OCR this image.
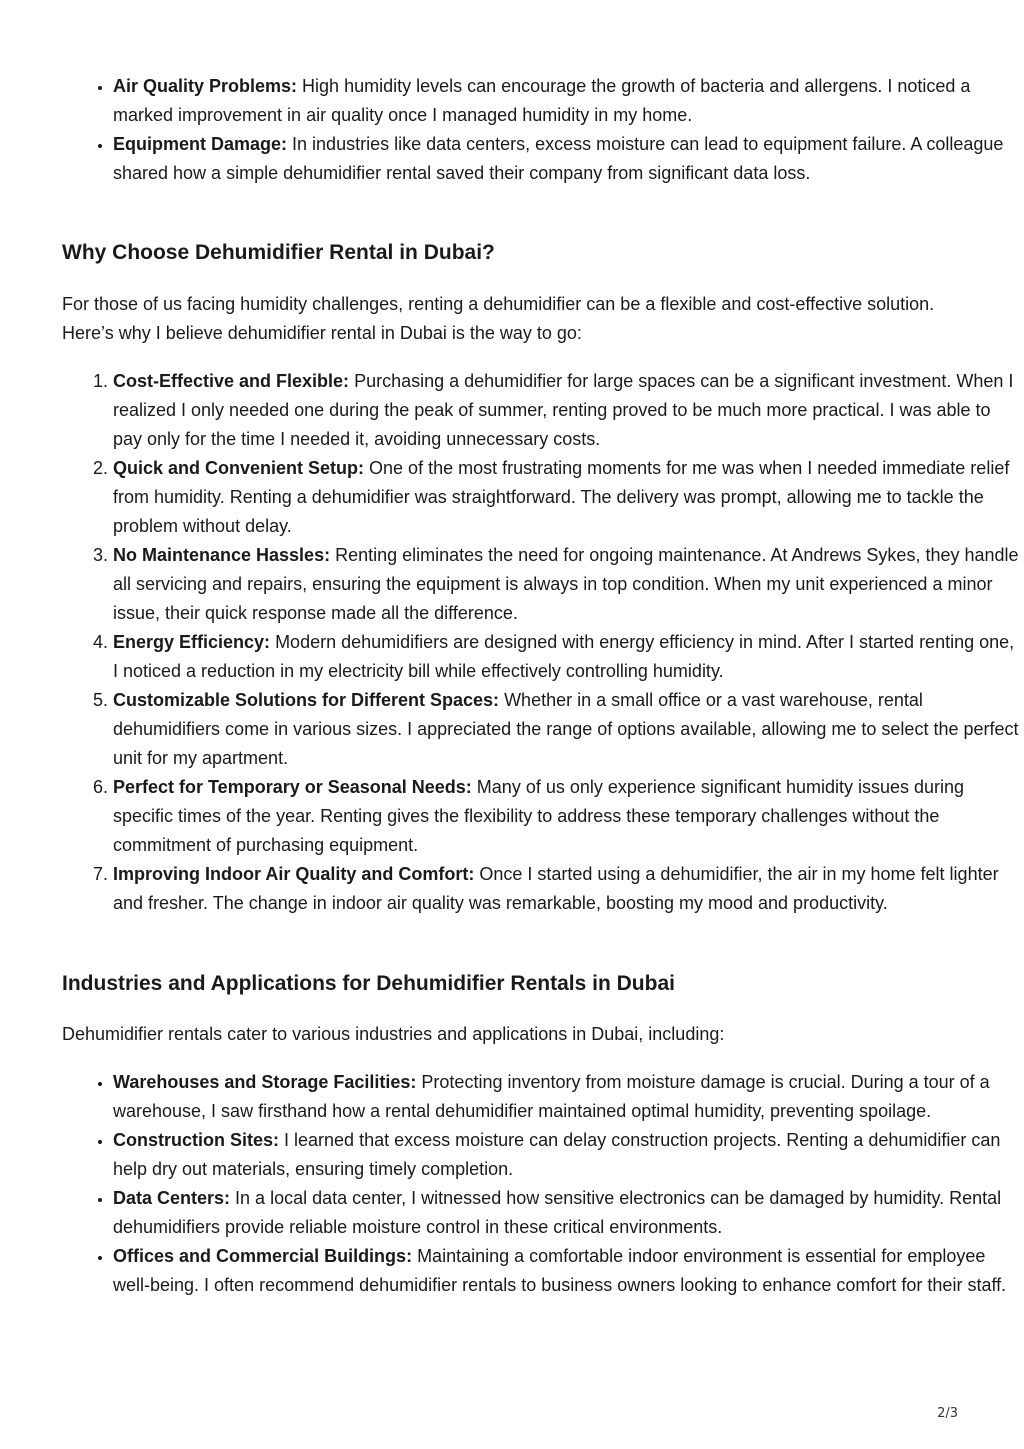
• Air Quality Problems: High humidity levels can encourage the growth of bacteria and allergens. I noticed a marked improvement in air quality once I managed humidity in my home.
• Equipment Damage: In industries like data centers, excess moisture can lead to equipment failure. A colleague shared how a simple dehumidifier rental saved their company from significant data loss.
Why Choose Dehumidifier Rental in Dubai?

For those of us facing humidity challenges, renting a dehumidifier can be a flexible and cost-effective solution. Here’s why I believe dehumidifier rental in Dubai is the way to go:

1. Cost-Effective and Flexible: Purchasing a dehumidifier for large spaces can be a significant investment. When I realized I only needed one during the peak of summer, renting proved to be much more practical. I was able to pay only for the time I needed it, avoiding unnecessary costs.
2. Quick and Convenient Setup: One of the most frustrating moments for me was when I needed immediate relief from humidity. Renting a dehumidifier was straightforward. The delivery was prompt, allowing me to tackle the problem without delay.
3. No Maintenance Hassles: Renting eliminates the need for ongoing maintenance. At Andrews Sykes, they handle all servicing and repairs, ensuring the equipment is always in top condition. When my unit experienced a minor issue, their quick response made all the difference.
4. Energy Efficiency: Modern dehumidifiers are designed with energy efficiency in mind. After I started renting one, I noticed a reduction in my electricity bill while effectively controlling humidity.
5. Customizable Solutions for Different Spaces: Whether in a small office or a vast warehouse, rental dehumidifiers come in various sizes. I appreciated the range of options available, allowing me to select the perfect unit for my apartment.
6. Perfect for Temporary or Seasonal Needs: Many of us only experience significant humidity issues during specific times of the year. Renting gives the flexibility to address these temporary challenges without the commitment of purchasing equipment.
7. Improving Indoor Air Quality and Comfort: Once I started using a dehumidifier, the air in my home felt lighter and fresher. The change in indoor air quality was remarkable, boosting my mood and productivity.
Industries and Applications for Dehumidifier Rentals in Dubai

Dehumidifier rentals cater to various industries and applications in Dubai, including:

• Warehouses and Storage Facilities: Protecting inventory from moisture damage is crucial. During a tour of a warehouse, I saw firsthand how a rental dehumidifier maintained optimal humidity, preventing spoilage.
• Construction Sites: I learned that excess moisture can delay construction projects. Renting a dehumidifier can help dry out materials, ensuring timely completion.
• Data Centers: In a local data center, I witnessed how sensitive electronics can be damaged by humidity. Rental dehumidifiers provide reliable moisture control in these critical environments.
• Offices and Commercial Buildings: Maintaining a comfortable indoor environment is essential for employee well-being. I often recommend dehumidifier rentals to business owners looking to enhance comfort for their staff.
2/3
